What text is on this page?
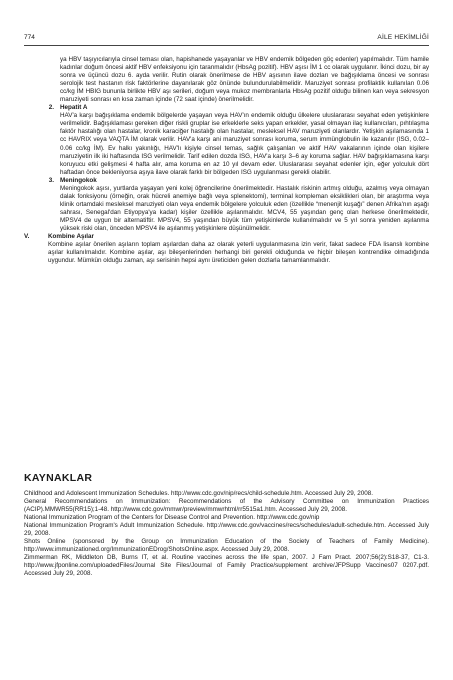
774	AİLE HEKİMLİĞİ

ya HBV taşıyıcılarıyla cinsel teması olan, hapishanede yaşayanlar ve HBV endemik bölgeden göç edenler) yapılmalıdır. Tüm hamile kadınlar doğum öncesi aktif HBV enfeksiyonu için taranmalıdır (HbsAg pozitif). HBV aşısı İM 1 cc olarak uygulanır. İkinci dozu, bir ay sonra ve üçüncü dozu 6. ayda verilir. Rutin olarak önerilmese de HBV aşısının ilave dozları ve bağışıklama öncesi ve sonrası serolojik test hastanın risk faktörlerine dayanılarak göz önünde bulundurulabilmelidir. Maruziyet sonrası profilaktik kullanılan 0.06 cc/kg İM HBIG bununla birlikte HBV aşı serileri, doğum veya mukoz membranlarla HbsAg pozitif olduğu bilinen kan veya sekresyon maruziyeti sonrası en kısa zaman içinde (72 saat içinde) önerilmelidir.

2. Hepatit A

HAV'a karşı bağışıklama endemik bölgelerde yaşayan veya HAV'ın endemik olduğu ülkelere uluslararası seyahat eden yetişkinlere verilmelidir. Bağışıklaması gereken diğer riskli gruplar ise erkeklerle seks yapan erkekler, yasal olmayan ilaç kullanıcıları, pıhtılaşma faktör hastalığı olan hastalar, kronik karaciğer hastalığı olan hastalar, mesleksel HAV maruziyeti olanlardır. Yetişkin aşılamasında 1 cc HAVRIX veya VAQTA İM olarak verilir. HAV'a karşı ani maruziyet sonrası koruma, serum immünglobulin ile kazanılır (ISG, 0.02–0.06 cc/kg İM). Ev halkı yakınlığı, HAV'lı kişiyle cinsel temas, sağlık çalışanları ve aktif HAV vakalarının içinde olan kişilere maruziyetin ilk iki haftasında ISG verilmelidir. Tarif edilen dozda ISG, HAV'a karşı 3–6 ay koruma sağlar. HAV bağışıklamasına karşı koruyucu etki gelişmesi 4 hafta alır, ama koruma en az 10 yıl devam eder. Uluslararası seyahat edenler için, eğer yolculuk dört haftadan önce bekleniyorsa aşıya ilave olarak farklı bir bölgeden ISG uygulanması gerekli olabilir.

3. Meningokok

Meningokok aşısı, yurtlarda yaşayan yeni kolej öğrencilerine önerilmektedir. Hastalık riskinin artmış olduğu, azalmış veya olmayan dalak fonksiyonu (örneğin, orak hücreli anemiye bağlı veya splenektomi), terminal kompleman eksiklikleri olan, bir araştırma veya klinik ortamdaki mesleksel maruziyeti olan veya endemik bölgelere yolculuk eden (özellikle “menenjit kuşağı” denen Afrika'nın aşağı sahrası, Senegal'dan Etiyopya'ya kadar) kişiler özellikle aşılanmalıdır. MCV4, 55 yaşından genç olan herkese önerilmektedir, MPSV4 de uygun bir alternatiftir. MPSV4, 55 yaşından büyük tüm yetişkinlerde kullanılmalıdır ve 5 yıl sonra yeniden aşılanma yüksek riski olan, önceden MPSV4 ile aşılanmış yetişkinlere düşünülmelidir.

V.	Kombine Aşılar

Kombine aşılar önerilen aşıların toplam aşılardan daha az olarak yeterli uygulanmasına izin verir, fakat sadece FDA lisanslı kombine aşılar kullanılmalıdır. Kombine aşılar, aşı bileşenlerinden herhangi biri gerekli olduğunda ve hiçbir bileşen kontrendike olmadığında uygundur. Mümkün olduğu zaman, aşı serisinin hepsi aynı üreticiden gelen dozlarla tamamlanmalıdır.

KAYNAKLAR

Childhood and Adolescent Immunization Schedules. http://www.cdc.gov/nip/recs/child-schedule.htm. Accessed July 29, 2008.

General Recommendations on Immunization: Recommendations of the Advisory Committee on Immunization Practices (ACIP).MMWR55(RR15);1-48. http://www.cdc.gov/mmwr/preview/mmwrhtml/rr5515a1.htm. Accessed July 29, 2008.

National Immunization Program of the Centers for Disease Control and Prevention. http://www.cdc.gov/nip

National Immunization Program's Adult Immunization Schedule. http://www.cdc.gov/vaccines/recs/schedules/adult-schedule.htm. Accessed July 29, 2008.

Shots Online (sponsored by the Group on Immunization Education of the Society of Teachers of Family Medicine). http://www.immunizationed.org/ImmunizationEDrog/ShotsOnline.aspx. Accessed July 29, 2008.

Zimmerman RK, Middleton DB, Burns IT, et al. Routine vaccines across the life span, 2007. J Fam Pract. 2007;56(2):S18-37, C1-3. http://www.jfponline.com/uploadedFiles/Journal Site Files/Journal of Family Practice/supplement archive/JFPSupp Vaccines07 0207.pdf. Accessed July 29, 2008.
